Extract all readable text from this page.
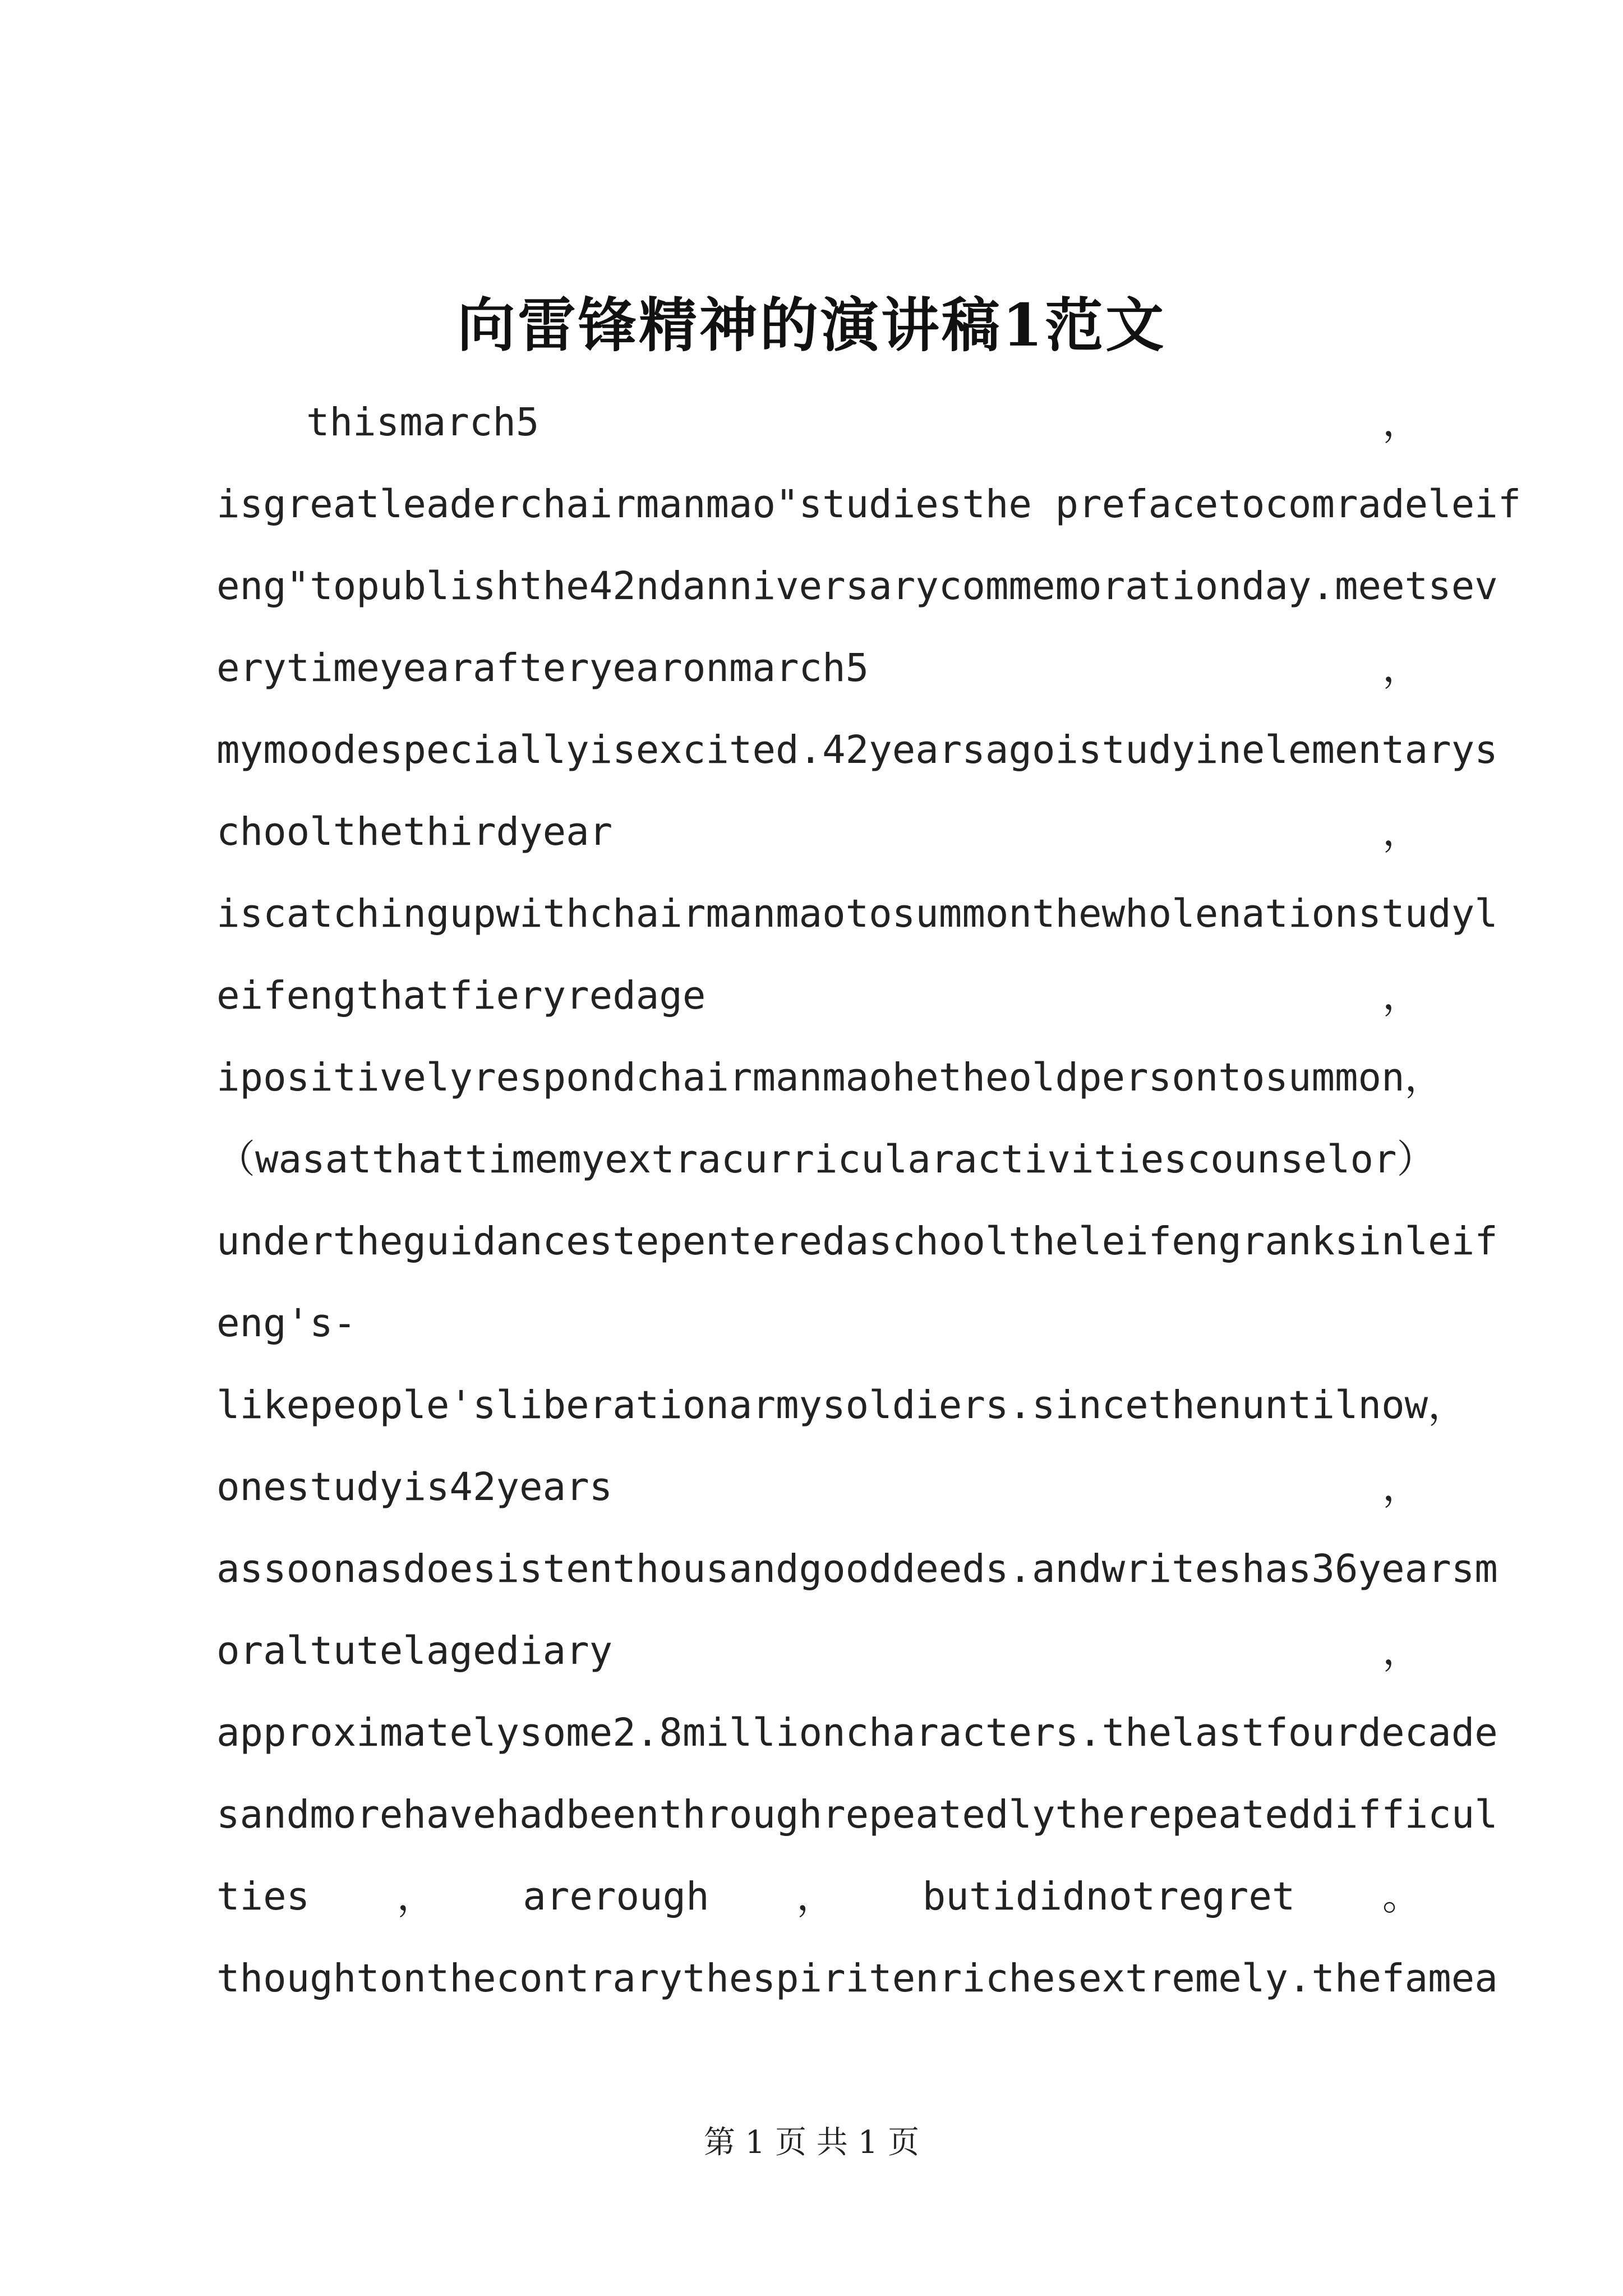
向雷锋精神的演讲稿1范文
thismarch5	，
isgreatleaderchairmanmao"studiesthe prefacetocomradeleif
eng"topublishthe42ndanniversarycommemorationday.meetsev
erytimeyearafteryearonmarch5	，
mymoodespeciallyisexcited.42yearsagoistudyinelementarys
choolthethirdyear	，
iscatchingupwithchairmanmaotosummonthewholenationstudyl
eifengthatfieryredage	，
ipositivelyrespondchairmanmaohetheoldpersontosummon ，
（ wasatthattimemyextracurricularactivitiescounselor ）
undertheguidancestepenteredaschooltheleifengranksinleif
eng's-
likepeople'sliberationarmysoldiers.sincethenuntilnow ，
onestudyis42years	，
assoonasdoesistenthousandgooddeeds.andwriteshas36yearsm
oraltutelagediary	，
approximatelysome2.8millioncharacters.thelastfourdecade
sandmorehavehadbeenthroughrepeatedlytherepeateddifficul
ties ， arerough ， butididnotregret 。
thoughtonthecontrarythespiritenrichesextremely.thefamea
第 1 页 共 1 页
